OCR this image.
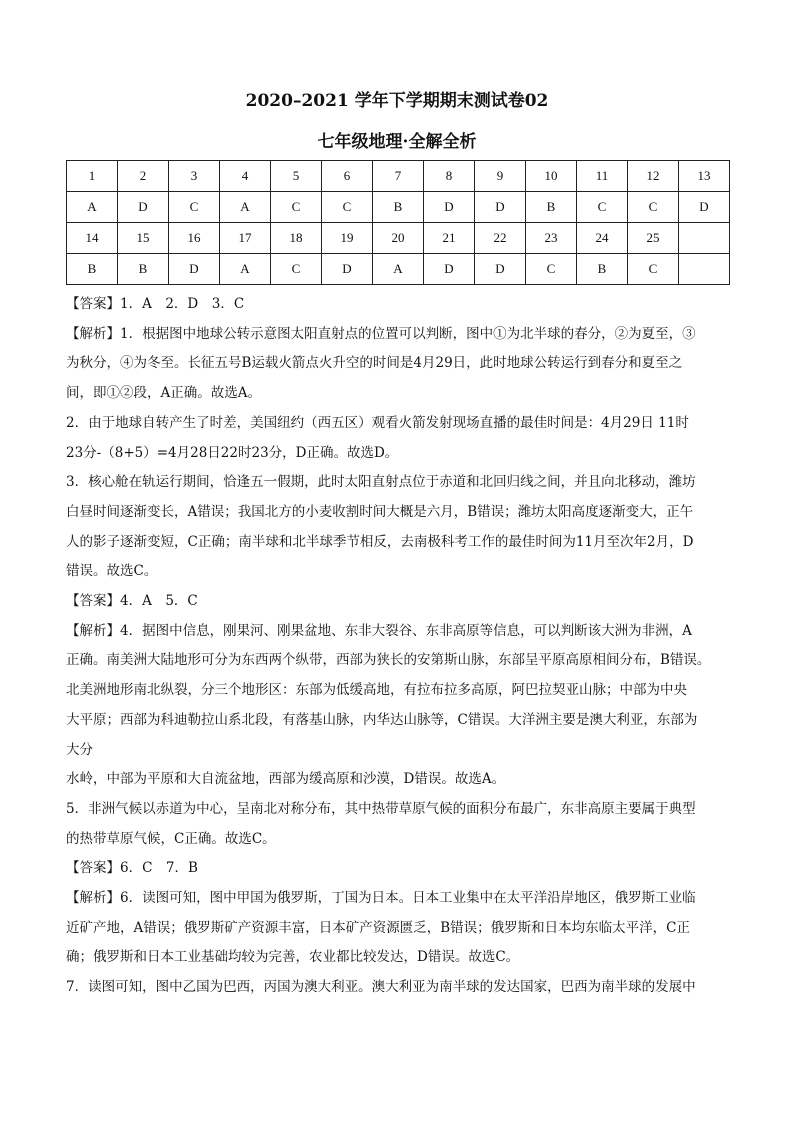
2020–2021 学年下学期期末测试卷02
七年级地理·全解全析
1	2	3	4	5	6	7	8	9	10	11	12	13
A	D	C	A	C	C	B	D	D	B	C	C	D
14	15	16	17	18	19	20	21	22	23	24	25	
B	B	D	A	C	D	A	D	D	C	B	C	

【答案】1．A　2．D　3．C

【解析】1．根据图中地球公转示意图太阳直射点的位置可以判断，图中①为北半球的春分，②为夏至，③

为秋分，④为冬至。长征五号B运载火箭点火升空的时间是4月29日，此时地球公转运行到春分和夏至之

间，即①②段，A正确。故选A。

2．由于地球自转产生了时差，美国纽约（西五区）观看火箭发射现场直播的最佳时间是：4月29日 11时

23分-（8+5）=4月28日22时23分，D正确。故选D。

3．核心舱在轨运行期间，恰逢五一假期，此时太阳直射点位于赤道和北回归线之间，并且向北移动，潍坊

白昼时间逐渐变长，A错误；我国北方的小麦收割时间大概是六月，B错误；潍坊太阳高度逐渐变大，正午

人的影子逐渐变短，C正确；南半球和北半球季节相反，去南极科考工作的最佳时间为11月至次年2月，D

错误。故选C。

【答案】4．A　5．C

【解析】4．据图中信息，刚果河、刚果盆地、东非大裂谷、东非高原等信息，可以判断该大洲为非洲，A

正确。南美洲大陆地形可分为东西两个纵带，西部为狭长的安第斯山脉，东部呈平原高原相间分布，B错误。

北美洲地形南北纵裂，分三个地形区：东部为低缓高地，有拉布拉多高原，阿巴拉契亚山脉；中部为中央

大平原；西部为科迪勒拉山系北段，有落基山脉，内华达山脉等，C错误。大洋洲主要是澳大利亚，东部为

大分

水岭，中部为平原和大自流盆地，西部为缓高原和沙漠，D错误。故选A。

5．非洲气候以赤道为中心，呈南北对称分布，其中热带草原气候的面积分布最广，东非高原主要属于典型

的热带草原气候，C正确。故选C。

【答案】6．C　7．B

【解析】6．读图可知，图中甲国为俄罗斯，丁国为日本。日本工业集中在太平洋沿岸地区，俄罗斯工业临

近矿产地，A错误；俄罗斯矿产资源丰富，日本矿产资源匮乏，B错误；俄罗斯和日本均东临太平洋，C正

确；俄罗斯和日本工业基础均较为完善，农业都比较发达，D错误。故选C。

7．读图可知，图中乙国为巴西，丙国为澳大利亚。澳大利亚为南半球的发达国家，巴西为南半球的发展中
